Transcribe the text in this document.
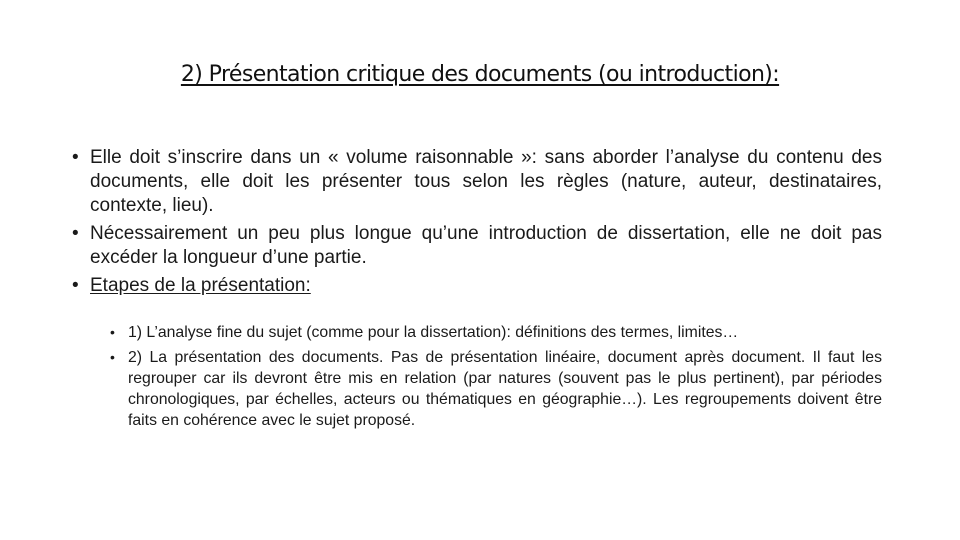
2) Présentation critique des documents (ou introduction):
• Elle doit s’inscrire dans un « volume raisonnable »: sans aborder l’analyse du contenu des documents, elle doit les présenter tous selon les règles (nature, auteur, destinataires, contexte, lieu).
• Nécessairement un peu plus longue qu’une introduction de dissertation, elle ne doit pas excéder la longueur d’une partie.
• Etapes de la présentation:
• 1) L’analyse fine du sujet (comme pour la dissertation): définitions des termes, limites…
• 2) La présentation des documents. Pas de présentation linéaire, document après document. Il faut les regrouper car ils devront être mis en relation (par natures (souvent pas le plus pertinent), par périodes chronologiques, par échelles, acteurs ou thématiques en géographie…). Les regroupements doivent être faits en cohérence avec le sujet proposé.
